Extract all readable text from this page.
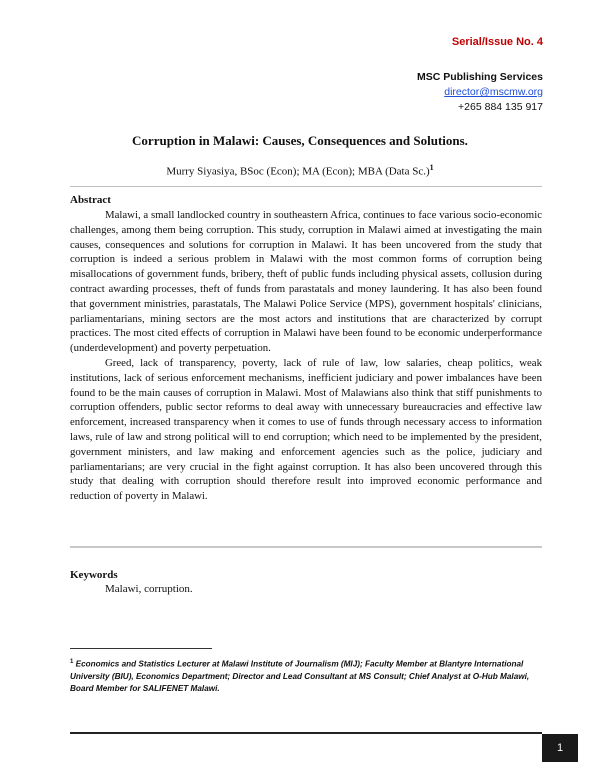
Serial/Issue No. 4
MSC Publishing Services
director@mscmw.org
+265 884 135 917
Corruption in Malawi: Causes, Consequences and Solutions.
Murry Siyasiya, BSoc (Econ); MA (Econ); MBA (Data Sc.)$^1$
Abstract

Malawi, a small landlocked country in southeastern Africa, continues to face various socio-economic challenges, among them being corruption. This study, corruption in Malawi aimed at investigating the main causes, consequences and solutions for corruption in Malawi. It has been uncovered from the study that corruption is indeed a serious problem in Malawi with the most common forms of corruption being misallocations of government funds, bribery, theft of public funds including physical assets, collusion during contract awarding processes, theft of funds from parastatals and money laundering. It has also been found that government ministries, parastatals, The Malawi Police Service (MPS), government hospitals' clinicians, parliamentarians, mining sectors are the most actors and institutions that are characterized by corrupt practices. The most cited effects of corruption in Malawi have been found to be economic underperformance (underdevelopment) and poverty perpetuation.

Greed, lack of transparency, poverty, lack of rule of law, low salaries, cheap politics, weak institutions, lack of serious enforcement mechanisms, inefficient judiciary and power imbalances have been found to be the main causes of corruption in Malawi. Most of Malawians also think that stiff punishments to corruption offenders, public sector reforms to deal away with unnecessary bureaucracies and effective law enforcement, increased transparency when it comes to use of funds through necessary access to information laws, rule of law and strong political will to end corruption; which need to be implemented by the president, government ministers, and law making and enforcement agencies such as the police, judiciary and parliamentarians; are very crucial in the fight against corruption. It has also been uncovered through this study that dealing with corruption should therefore result into improved economic performance and reduction of poverty in Malawi.

Keywords
Malawi, corruption.
$^1$ Economics and Statistics Lecturer at Malawi Institute of Journalism (MIJ); Faculty Member at Blantyre International University (BIU), Economics Department; Director and Lead Consultant at MS Consult; Chief Analyst at O-Hub Malawi, Board Member for SALIFENET Malawi.
1
